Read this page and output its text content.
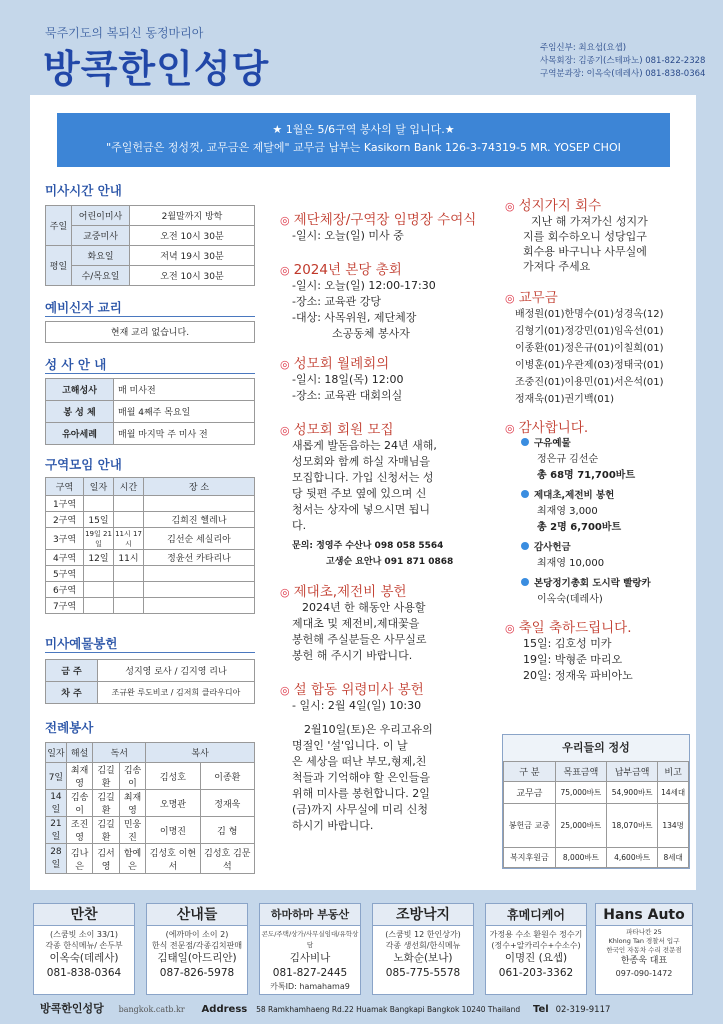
묵주기도의 복되신 동정마리아
방콕한인성당	주임신부: 최요섭(요셉)
사목회장: 김종기(스테파노) 081-822-2328
구역분과장: 이옥숙(데레사) 081-838-0364
★ 1월은 5/6구역 봉사의 달 입니다.★
"주일헌금은 정성껏, 교무금은 제달에" 교무금 납부는 Kasikorn Bank 126-3-74319-5 MR. YOSEP CHOI
미사시간 안내
주일	어린이미사	2월말까지 방학
	교중미사	오전 10시 30분
평일	화요일	저녁 19시 30분
	수/목요일	오전 10시 30분
예비신자 교리
현재 교리 없습니다.
성 사 안 내
고해성사	매 미사전
봉 성 체	매월 4째주 목요일
유아세례	매월 마지막 주 미사 전
구역모임 안내
구역	일자	시간	장 소
1구역			
2구역	15일		김희진 헬레나
3구역	19일 21일	11시 17시	김선순 세실리아
4구역	12일	11시	정윤선 카타리나
5구역			
6구역			
7구역			
미사예물봉헌
금 주	성지영 로사 / 김지영 리나
차 주	조규완 루도비코 / 김저희 클라우디아
전례봉사
일자	해설	독서		복사	
7일	최재영	김길환	김송이	김성호	이종환
14일	김송이	김길환	최재영	오명관	정재욱
21일	조진영	김길환	민웅진	이명진	김 형
28일	김나은	김서영	함예은	김성호 이현서	김성호 김문석
◎ 제단체장/구역장 임명장 수여식
-일시: 오늘(일) 미사 중
◎ 2024년 본당 총회
-일시: 오늘(일) 12:00-17:30
-장소: 교육관 강당
-대상: 사목위원, 제단체장
소공동체 봉사자
◎ 성모회 월례회의
-일시: 18일(목) 12:00
-장소: 교육관 대회의실
◎ 성모회 회원 모집
새롭게 발돋음하는 24년 새해,
성모회와 함께 하실 자매님을
모집합니다. 가입 신청서는 성
당 뒷편 주보 옆에 있으며 신
청서는 상자에 넣으시면 됩니
다.
문의: 정영주 수산나 098 058 5564
고생순 요안나 091 871 0868
◎ 제대초,제전비 봉헌
2024년 한 해동안 사용할
제대초 및 제전비,제대꽃을
봉헌해 주실분들은 사무실로
봉헌 해 주시기 바랍니다.
◎ 설 합동 위령미사 봉헌
- 일시: 2월 4일(일) 10:30
2월10일(토)은 우리고유의
명절인 '설'입니다. 이 날
은 세상을 떠난 부모,형제,친
척들과 기억해야 할 은인들을
위해 미사를 봉헌합니다. 2일
(금)까지 사무실에 미리 신청
하시기 바랍니다.
◎ 성지가지 회수
지난 해 가져가신 성지가
지를 회수하오니 성당입구
회수용 바구니나 사무실에
가져다 주세요
◎ 교무금
배정원(01)한명수(01)성경옥(12)
김형기(01)정강민(01)임옥선(01)
이종환(01)정은규(01)이칠희(01)
이병훈(01)우관제(03)정태국(01)
조중진(01)이용민(01)서은석(01)
정재욱(01)권기백(01)
◎ 감사합니다.
구유예물
정은규 김선순
총 68명 71,700바트
제대초,제전비 봉헌
최재영 3,000
총 2명 6,700바트
감사헌금
최재영 10,000
본당정기총회 도시락 빨랑카
이옥숙(데레사)
◎ 축일 축하드립니다.
15일: 김호성 미카
19일: 박형준 마리오
20일: 정재욱 파비아노
우리들의 정성
구 분	목표금액	납부금액	비고
교무금	75,000바트	54,900바트	14세대
봉헌금 교중	25,000바트	18,070바트	134명
복지후원금	8,000바트	4,600바트	8세대
만찬
(스쿰빗 소이 33/1)
각종 한식메뉴/ 손두부
이옥숙(데레사)
081-838-0364
산내들
(에까마이 소이 2)
한식 전문점/각종김치판매
김태일(아드리안)
087-826-5978
하마하마 부동산
콘도/주택/상가/사무실임대/유학상담
김사비나
081-827-2445
카톡ID: hamahama9
조방낙지
(스쿰빗 12 한인상가)
각종 생선회/한식메뉴
노화순(보나)
085-775-5578
휴메디케어
가정용 수소 환원수 정수기
(정수+알카리수+수소수)
이명진 (요셉)
061-203-3362
Hans Auto
파타나칸 25
Khlong Tan 경찰서 입구
한국인 자동차 수리 전문점
한종욱 대표
097-090-1472
방콕한인성당 bangkok.catb.kr Address 58 Ramkhamhaeng Rd.22 Huamak Bangkapi Bangkok 10240 Thailand Tel 02-319-9117
